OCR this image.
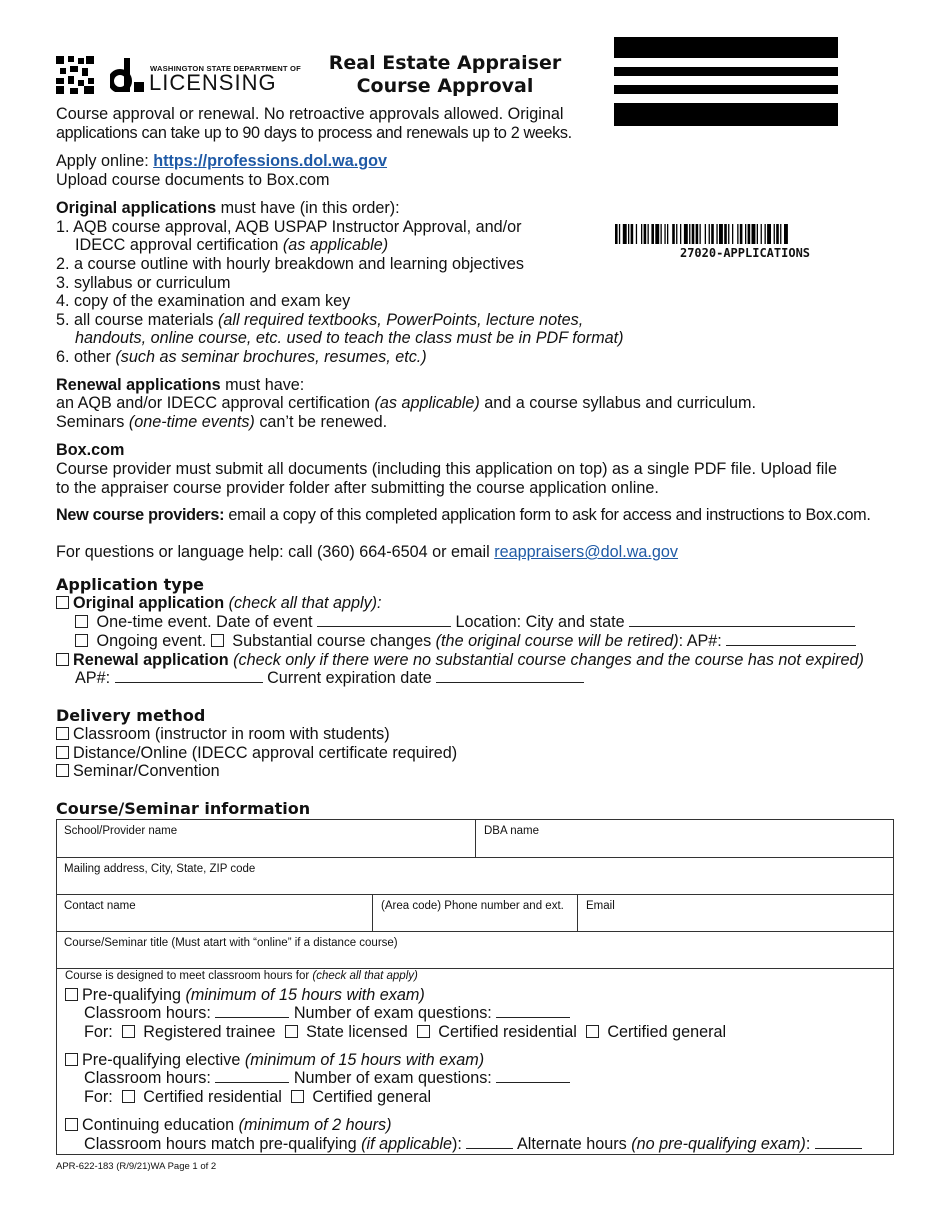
WASHINGTON STATE DEPARTMENT OF
LICENSING
Real Estate Appraiser
Course Approval
27020-APPLICATIONS
Course approval or renewal. No retroactive approvals allowed. Original
applications can take up to 90 days to process and renewals up to 2 weeks.
Apply online: https://professions.dol.wa.gov
Upload course documents to Box.com
Original applications must have (in this order):
1. AQB course approval, AQB USPAP Instructor Approval, and/or
IDECC approval certification (as applicable)
2. a course outline with hourly breakdown and learning objectives
3. syllabus or curriculum
4. copy of the examination and exam key
5. all course materials (all required textbooks, PowerPoints, lecture notes,
handouts, online course, etc. used to teach the class must be in PDF format)
6. other (such as seminar brochures, resumes, etc.)
Renewal applications must have:
an AQB and/or IDECC approval certification (as applicable) and a course syllabus and curriculum.
Seminars (one-time events) can’t be renewed.
Box.com
Course provider must submit all documents (including this application on top) as a single PDF file. Upload file
to the appraiser course provider folder after submitting the course application online.
New course providers: email a copy of this completed application form to ask for access and instructions to Box.com.
For questions or language help: call (360) 664-6504 or email reappraisers@dol.wa.gov
Application type
Original application (check all that apply):
One-time event. Date of event	Location: City and state
Ongoing event. Substantial course changes (the original course will be retired): AP#:
Renewal application (check only if there were no substantial course changes and the course has not expired)
AP#:	Current expiration date
Delivery method
Classroom (instructor in room with students)
Distance/Online (IDECC approval certificate required)
Seminar/Convention
Course/Seminar information
School/Provider name	DBA name
Mailing address, City, State, ZIP code
Contact name	(Area code) Phone number and ext. Email
Course/Seminar title (Must atart with “online” if a distance course)
Course is designed to meet classroom hours for (check all that apply)
Pre-qualifying (minimum of 15 hours with exam)
Classroom hours:	Number of exam questions:
For: Registered trainee State licensed Certified residential Certified general
Pre-qualifying elective (minimum of 15 hours with exam)
Classroom hours:	Number of exam questions:
For: Certified residential Certified general
Continuing education (minimum of 2 hours)
Classroom hours match pre-qualifying (if applicable):	Alternate hours (no pre-qualifying exam):
APR-622-183 (R/9/21)WA Page 1 of 2
